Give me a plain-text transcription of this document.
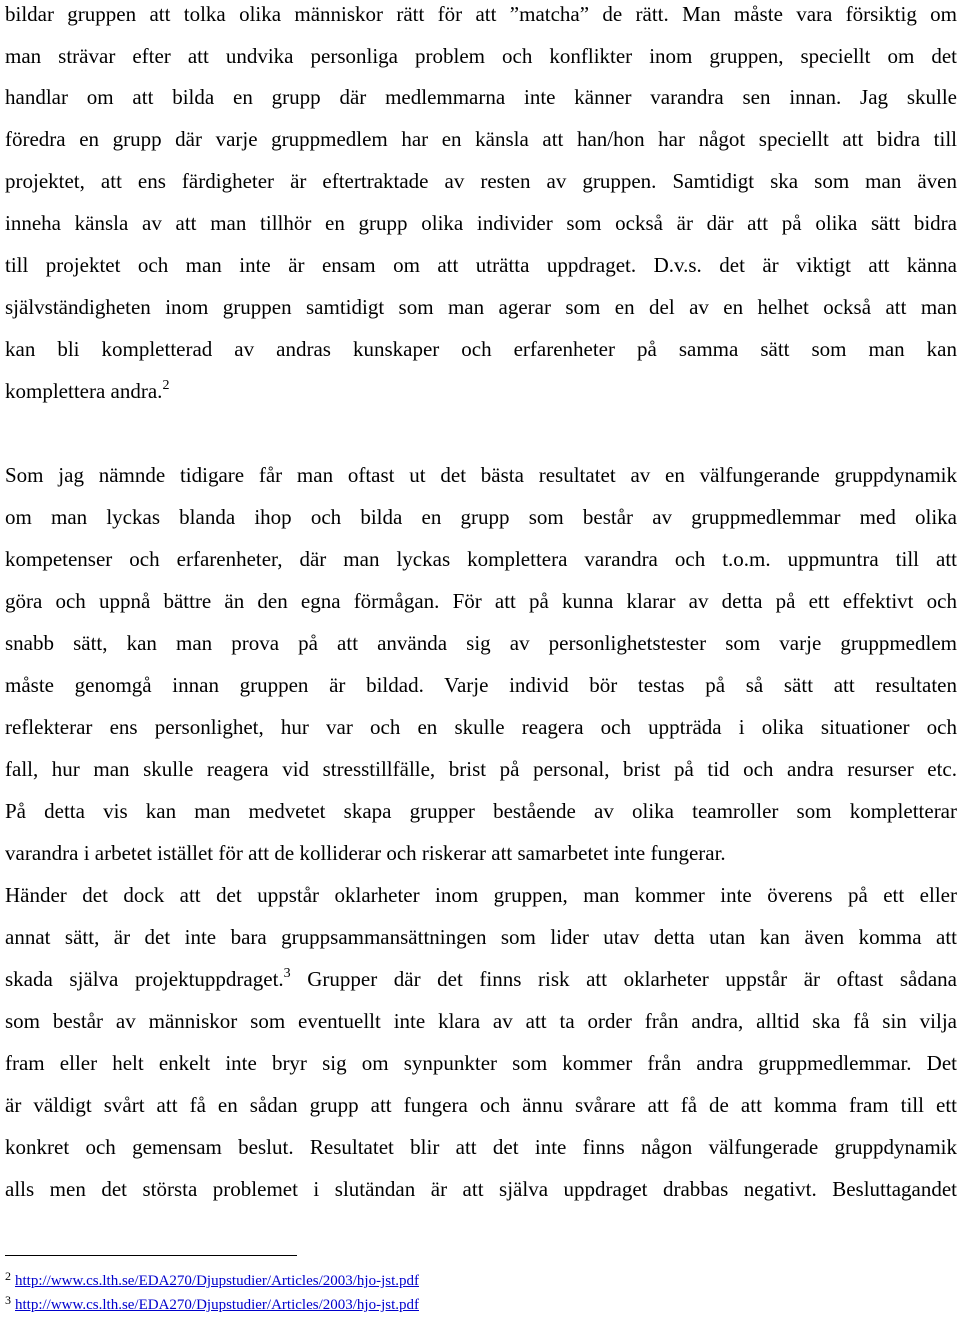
bildar gruppen att tolka olika människor rätt för att ”matcha” de rätt. Man måste vara försiktig om
man strävar efter att undvika personliga problem och konflikter inom gruppen, speciellt om det
handlar om att bilda en grupp där medlemmarna inte känner varandra sen innan. Jag skulle
föredra en grupp där varje gruppmedlem har en känsla att han/hon har något speciellt att bidra till
projektet, att ens färdigheter är eftertraktade av resten av gruppen. Samtidigt ska som man även
inneha känsla av att man tillhör en grupp olika individer som också är där att på olika sätt bidra
till projektet och man inte är ensam om att uträtta uppdraget. D.v.s. det är viktigt att känna
självständigheten inom gruppen samtidigt som man agerar som en del av en helhet också att man
kan bli kompletterad av andras kunskaper och erfarenheter på samma sätt som man kan
komplettera andra.$^2$
Som jag nämnde tidigare får man oftast ut det bästa resultatet av en välfungerande gruppdynamik
om man lyckas blanda ihop och bilda en grupp som består av gruppmedlemmar med olika
kompetenser och erfarenheter, där man lyckas komplettera varandra och t.o.m. uppmuntra till att
göra och uppnå bättre än den egna förmågan. För att på kunna klarar av detta på ett effektivt och
snabb sätt, kan man prova på att använda sig av personlighetstester som varje gruppmedlem
måste genomgå innan gruppen är bildad. Varje individ bör testas på så sätt att resultaten
reflekterar ens personlighet, hur var och en skulle reagera och uppträda i olika situationer och
fall, hur man skulle reagera vid stresstillfälle, brist på personal, brist på tid och andra resurser etc.
På detta vis kan man medvetet skapa grupper bestående av olika teamroller som kompletterar
varandra i arbetet istället för att de kolliderar och riskerar att samarbetet inte fungerar.
Händer det dock att det uppstår oklarheter inom gruppen, man kommer inte överens på ett eller
annat sätt, är det inte bara gruppsammansättningen som lider utav detta utan kan även komma att
skada själva projektuppdraget.$^3$ Grupper där det finns risk att oklarheter uppstår är oftast sådana
som består av människor som eventuellt inte klara av att ta order från andra, alltid ska få sin vilja
fram eller helt enkelt inte bryr sig om synpunkter som kommer från andra gruppmedlemmar. Det
är väldigt svårt att få en sådan grupp att fungera och ännu svårare att få de att komma fram till ett
konkret och gemensam beslut. Resultatet blir att det inte finns någon välfungerade gruppdynamik
alls men det största problemet i slutändan är att själva uppdraget drabbas negativt. Besluttagandet
$^2$ http://www.cs.lth.se/EDA270/Djupstudier/Articles/2003/hjo-jst.pdf
$^3$ http://www.cs.lth.se/EDA270/Djupstudier/Articles/2003/hjo-jst.pdf
